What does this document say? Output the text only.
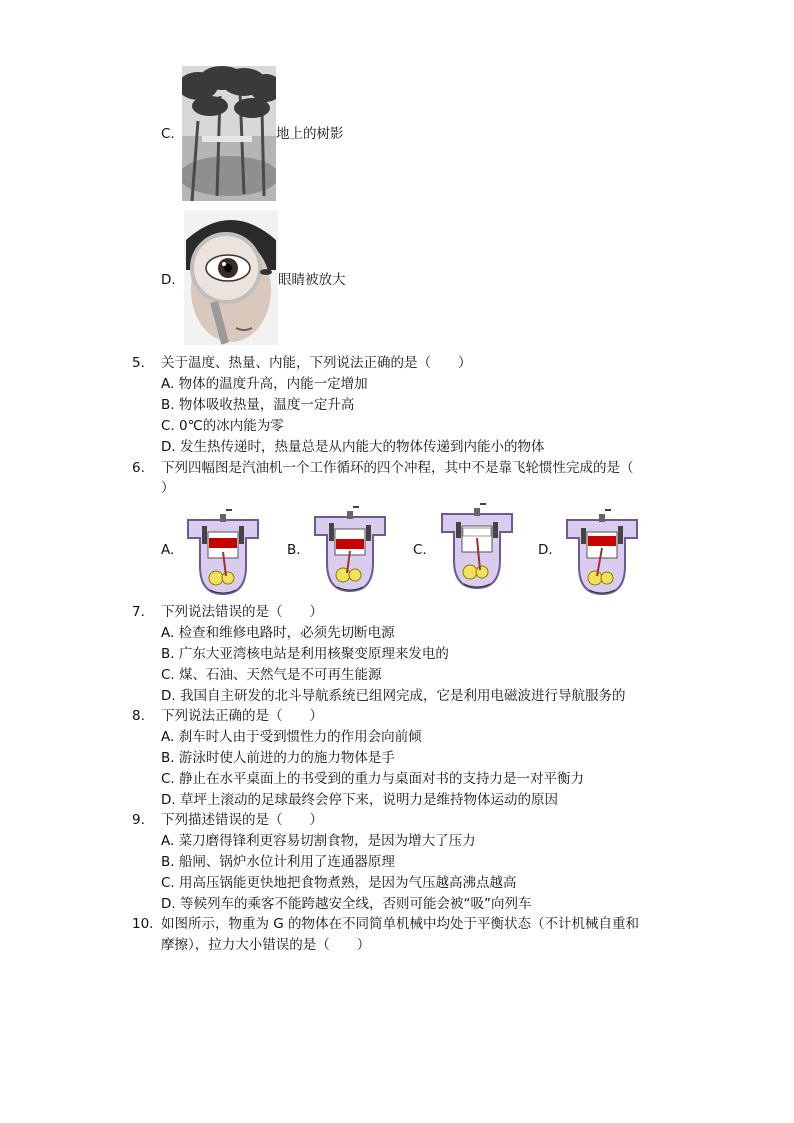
C.	地上的树影
D.	眼睛被放大
5. 关于温度、热量、内能，下列说法正确的是（　　）
A. 物体的温度升高，内能一定增加
B. 物体吸收热量，温度一定升高
C. 0℃的冰内能为零
D. 发生热传递时，热量总是从内能大的物体传递到内能小的物体
6. 下列四幅图是汽油机一个工作循环的四个冲程，其中不是靠飞轮惯性完成的是（
）
A.	B.	C.	D.
7. 下列说法错误的是（　　）
A. 检查和维修电路时，必须先切断电源
B. 广东大亚湾核电站是利用核聚变原理来发电的
C. 煤、石油、天然气是不可再生能源
D. 我国自主研发的北斗导航系统已组网完成，它是利用电磁波进行导航服务的
8. 下列说法正确的是（　　）
A. 刹车时人由于受到惯性力的作用会向前倾
B. 游泳时使人前进的力的施力物体是手
C. 静止在水平桌面上的书受到的重力与桌面对书的支持力是一对平衡力
D. 草坪上滚动的足球最终会停下来，说明力是维持物体运动的原因
9. 下列描述错误的是（　　）
A. 菜刀磨得锋利更容易切割食物，是因为增大了压力
B. 船闸、锅炉水位计利用了连通器原理
C. 用高压锅能更快地把食物煮熟，是因为气压越高沸点越高
D. 等候列车的乘客不能跨越安全线，否则可能会被“吸”向列车
10. 如图所示，物重为 G 的物体在不同简单机械中均处于平衡状态（不计机械自重和
摩擦），拉力大小错误的是（　　）
